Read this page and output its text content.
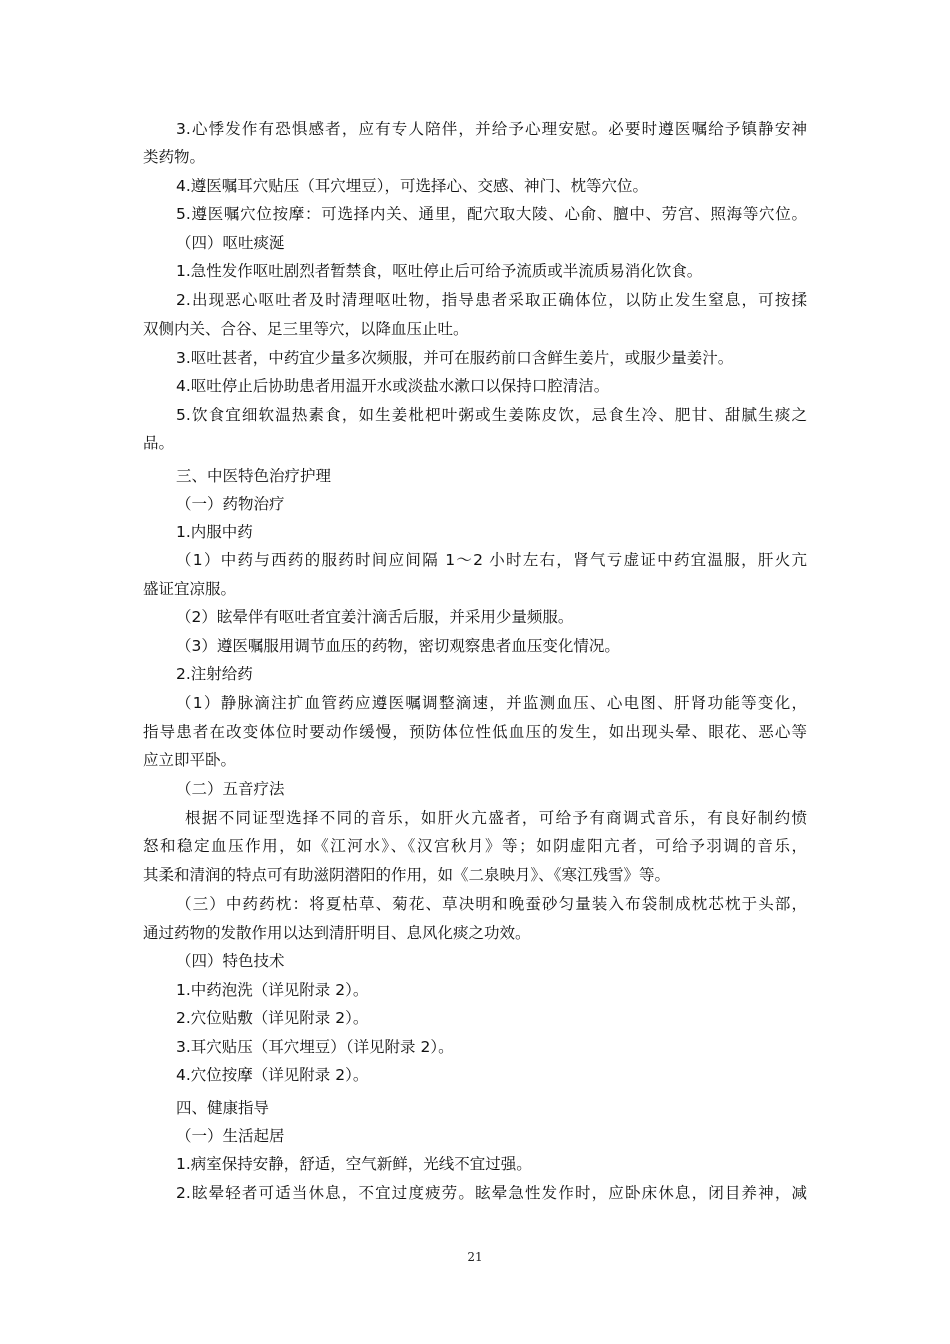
21
3.心悸发作有恐惧感者，应有专人陪伴，并给予心理安慰。必要时遵医嘱给予镇静安神
类药物。
4.遵医嘱耳穴贴压（耳穴埋豆），可选择心、交感、神门、枕等穴位。
5.遵医嘱穴位按摩：可选择内关、通里，配穴取大陵、心俞、膻中、劳宫、照海等穴位。
（四）呕吐痰涎
1.急性发作呕吐剧烈者暂禁食，呕吐停止后可给予流质或半流质易消化饮食。
2.出现恶心呕吐者及时清理呕吐物，指导患者采取正确体位，以防止发生窒息，可按揉
双侧内关、合谷、足三里等穴，以降血压止吐。
3.呕吐甚者，中药宜少量多次频服，并可在服药前口含鲜生姜片，或服少量姜汁。
4.呕吐停止后协助患者用温开水或淡盐水漱口以保持口腔清洁。
5.饮食宜细软温热素食，如生姜枇杷叶粥或生姜陈皮饮，忌食生冷、肥甘、甜腻生痰之
品。
三、中医特色治疗护理
（一）药物治疗
1.内服中药
（1）中药与西药的服药时间应间隔 1～2 小时左右，肾气亏虚证中药宜温服，肝火亢
盛证宜凉服。
（2）眩晕伴有呕吐者宜姜汁滴舌后服，并采用少量频服。
（3）遵医嘱服用调节血压的药物，密切观察患者血压变化情况。
2.注射给药
（1）静脉滴注扩血管药应遵医嘱调整滴速，并监测血压、心电图、肝肾功能等变化，
指导患者在改变体位时要动作缓慢，预防体位性低血压的发生，如出现头晕、眼花、恶心等
应立即平卧。
（二）五音疗法
根据不同证型选择不同的音乐，如肝火亢盛者，可给予有商调式音乐，有良好制约愤
怒和稳定血压作用，如《江河水》、《汉宫秋月》等；如阴虚阳亢者，可给予羽调的音乐，
其柔和清润的特点可有助滋阴潜阳的作用，如《二泉映月》、《寒江残雪》等。
（三）中药药枕：将夏枯草、菊花、草决明和晚蚕砂匀量装入布袋制成枕芯枕于头部，
通过药物的发散作用以达到清肝明目、息风化痰之功效。
（四）特色技术
1.中药泡洗（详见附录 2）。
2.穴位贴敷（详见附录 2）。
3.耳穴贴压（耳穴埋豆）（详见附录 2）。
4.穴位按摩（详见附录 2）。
四、健康指导
（一）生活起居
1.病室保持安静，舒适，空气新鲜，光线不宜过强。
2.眩晕轻者可适当休息，不宜过度疲劳。眩晕急性发作时，应卧床休息，闭目养神，减
